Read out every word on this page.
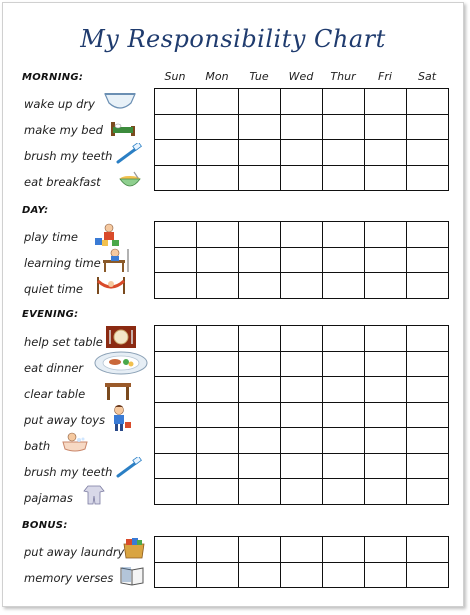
My Responsibility Chart
Sun	Mon	Tue	Wed	Thur	Fri	Sat
MORNING:
wake up dry
make my bed
brush my teeth
eat breakfast
DAY:
play time
learning time
quiet time
EVENING:
help set table
eat dinner
clear table
put away toys
bath
brush my teeth
pajamas
BONUS:
put away laundry
memory verses
